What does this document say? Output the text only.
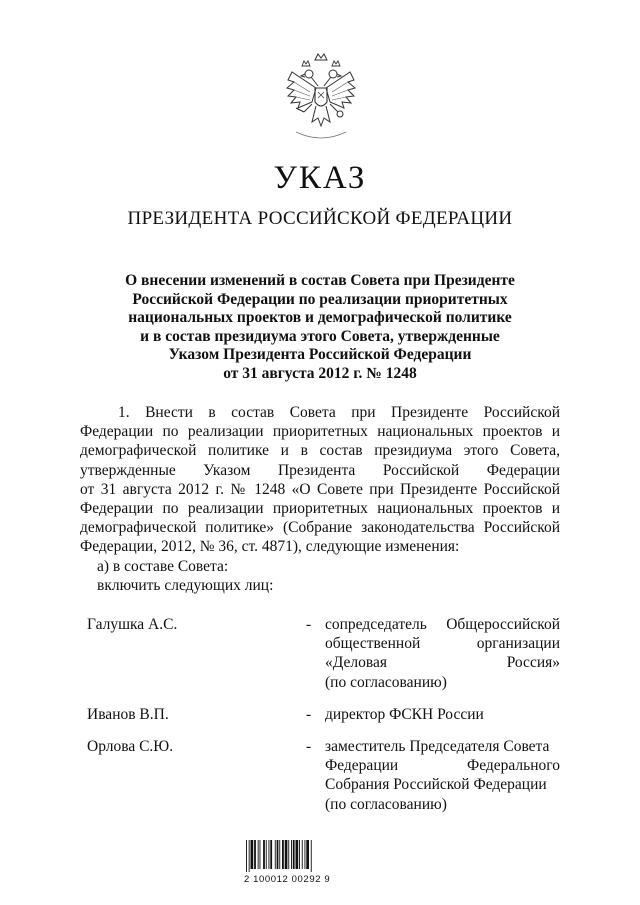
УКАЗ
ПРЕЗИДЕНТА РОССИЙСКОЙ ФЕДЕРАЦИИ
О внесении изменений в состав Совета при Президенте
Российской Федерации по реализации приоритетных
национальных проектов и демографической политике
и в состав президиума этого Совета, утвержденные
Указом Президента Российской Федерации
от 31 августа 2012 г. № 1248
1. Внести в состав Совета при Президенте Российской
Федерации по реализации приоритетных национальных проектов и
демографической политике и в состав президиума этого Совета,
утвержденные Указом Президента Российской Федерации
от 31 августа 2012 г. № 1248 «О Совете при Президенте Российской
Федерации по реализации приоритетных национальных проектов и
демографической политике» (Собрание законодательства Российской
Федерации, 2012, № 36, ст. 4871), следующие изменения:
а) в составе Совета:
включить следующих лиц:
Галушка А.С.	- сопредседатель Общероссийской
общественной организации
«Деловая Россия»
(по согласованию)
Иванов В.П.	- директор ФСКН России
Орлова С.Ю.	- заместитель Председателя Совета
Федерации Федерального
Собрания Российской Федерации
(по согласованию)
2 100012 00292 9
